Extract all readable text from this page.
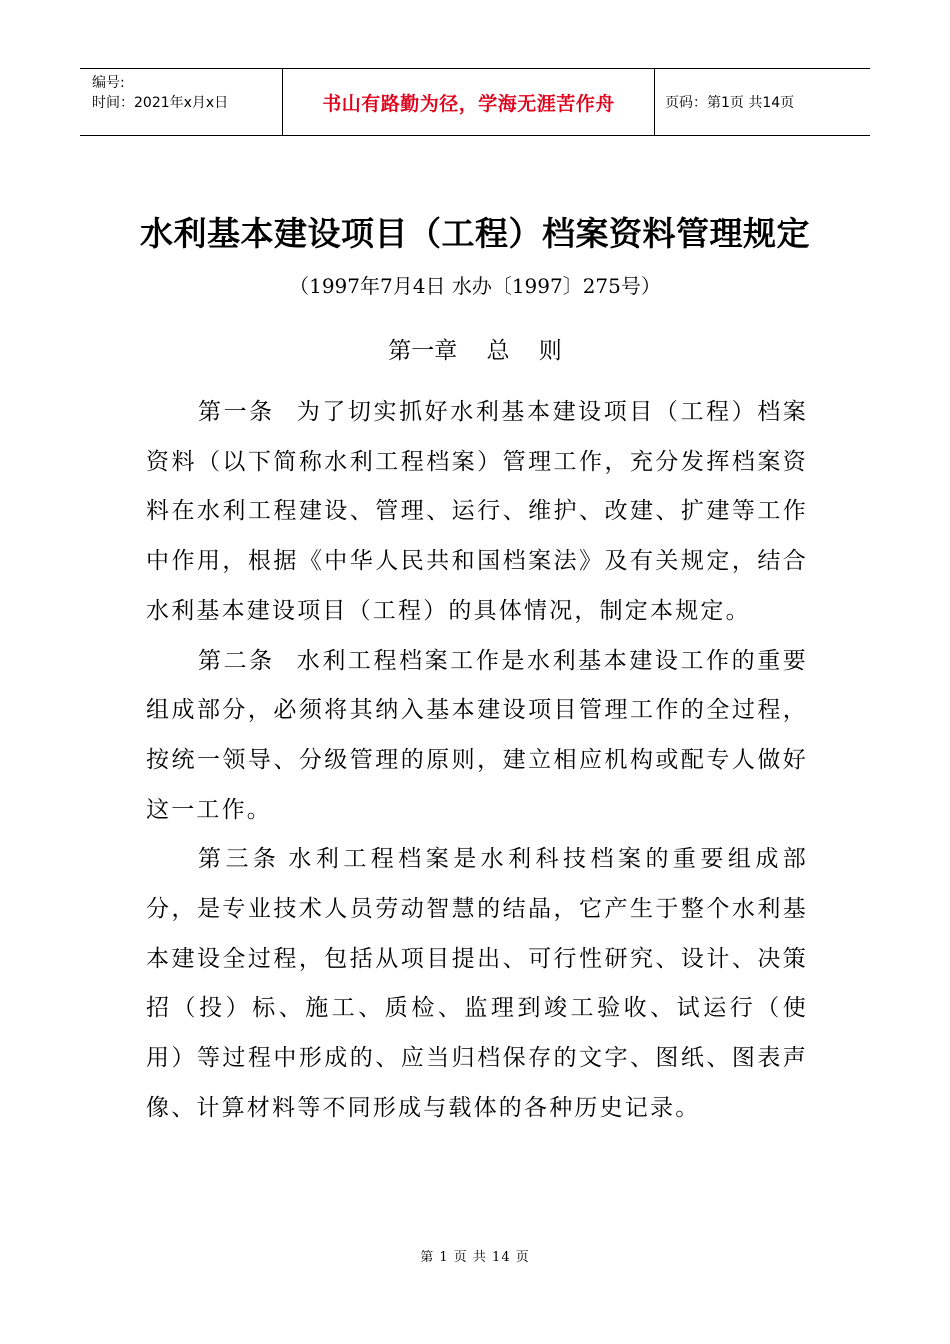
编号:
时间：2021年x月x日	书山有路勤为径，学海无涯苦作舟	页码：第1页 共14页
水利基本建设项目（工程）档案资料管理规定
（1997年7月4日 水办〔1997〕275号）
第一章    总    则

第一条 为了切实抓好水利基本建设项目（工程）档案资料（以下简称水利工程档案）管理工作，充分发挥档案资料在水利工程建设、管理、运行、维护、改建、扩建等工作中作用，根据《中华人民共和国档案法》及有关规定，结合水利基本建设项目（工程）的具体情况，制定本规定。

第二条 水利工程档案工作是水利基本建设工作的重要组成部分，必须将其纳入基本建设项目管理工作的全过程，按统一领导、分级管理的原则，建立相应机构或配专人做好这一工作。

第三条 水利工程档案是水利科技档案的重要组成部分，是专业技术人员劳动智慧的结晶，它产生于整个水利基本建设全过程，包括从项目提出、可行性研究、设计、决策招（投）标、施工、质检、监理到竣工验收、试运行（使用）等过程中形成的、应当归档保存的文字、图纸、图表声像、计算材料等不同形成与载体的各种历史记录。

第 1 页 共 14 页
